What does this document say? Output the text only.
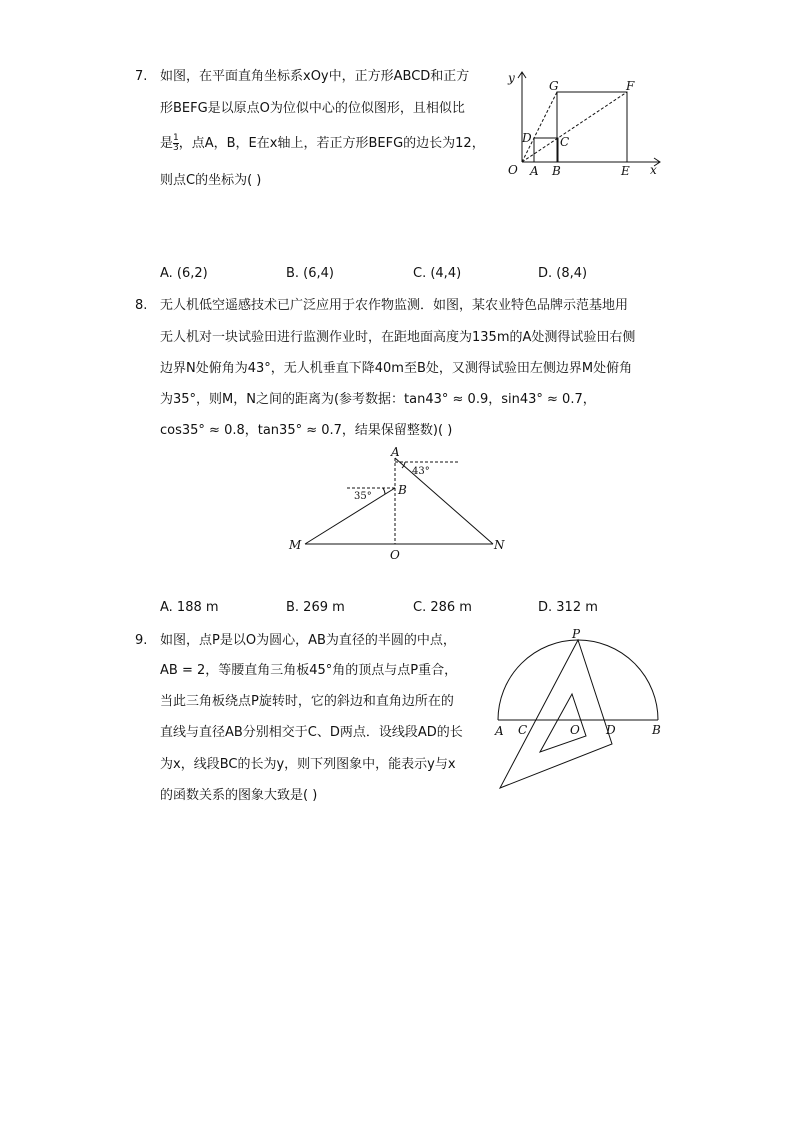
7. 如图，在平面直角坐标系xOy中，正方形ABCD和正方
形BEFG是以原点O为位似中心的位似图形，且相似比
是 $\frac{1}{3}$ ，点A，B，E在x轴上，若正方形BEFG的边长为12，
则点C的坐标为( )
y
x
G	F
D C
O A B	E
A. (6,2)	B. (6,4)	C. (4,4)	D. (8,4)
8. 无人机低空遥感技术已广泛应用于农作物监测．如图，某农业特色品牌示范基地用
无人机对一块试验田进行监测作业时，在距地面高度为135m的A处测得试验田右侧
边界N处俯角为43°，无人机垂直下降40m至B处，又测得试验田左侧边界M处俯角
为35°，则M，N之间的距离为(参考数据：tan43° ≈ 0.9，sin43° ≈ 0.7，
cos35° ≈ 0.8，tan35° ≈ 0.7，结果保留整数)( )
A
B
M	N
O
43°
35°
A. 188 m	B. 269 m	C. 286 m	D. 312 m
9. 如图，点P是以O为圆心，AB为直径的半圆的中点，
AB = 2，等腰直角三角板45°角的顶点与点P重合，
当此三角板绕点P旋转时，它的斜边和直角边所在的
直线与直径AB分别相交于C、D两点．设线段AD的长
为x，线段BC的长为y，则下列图象中，能表示y与x
的函数关系的图象大致是( )
P
A C	O D	B
